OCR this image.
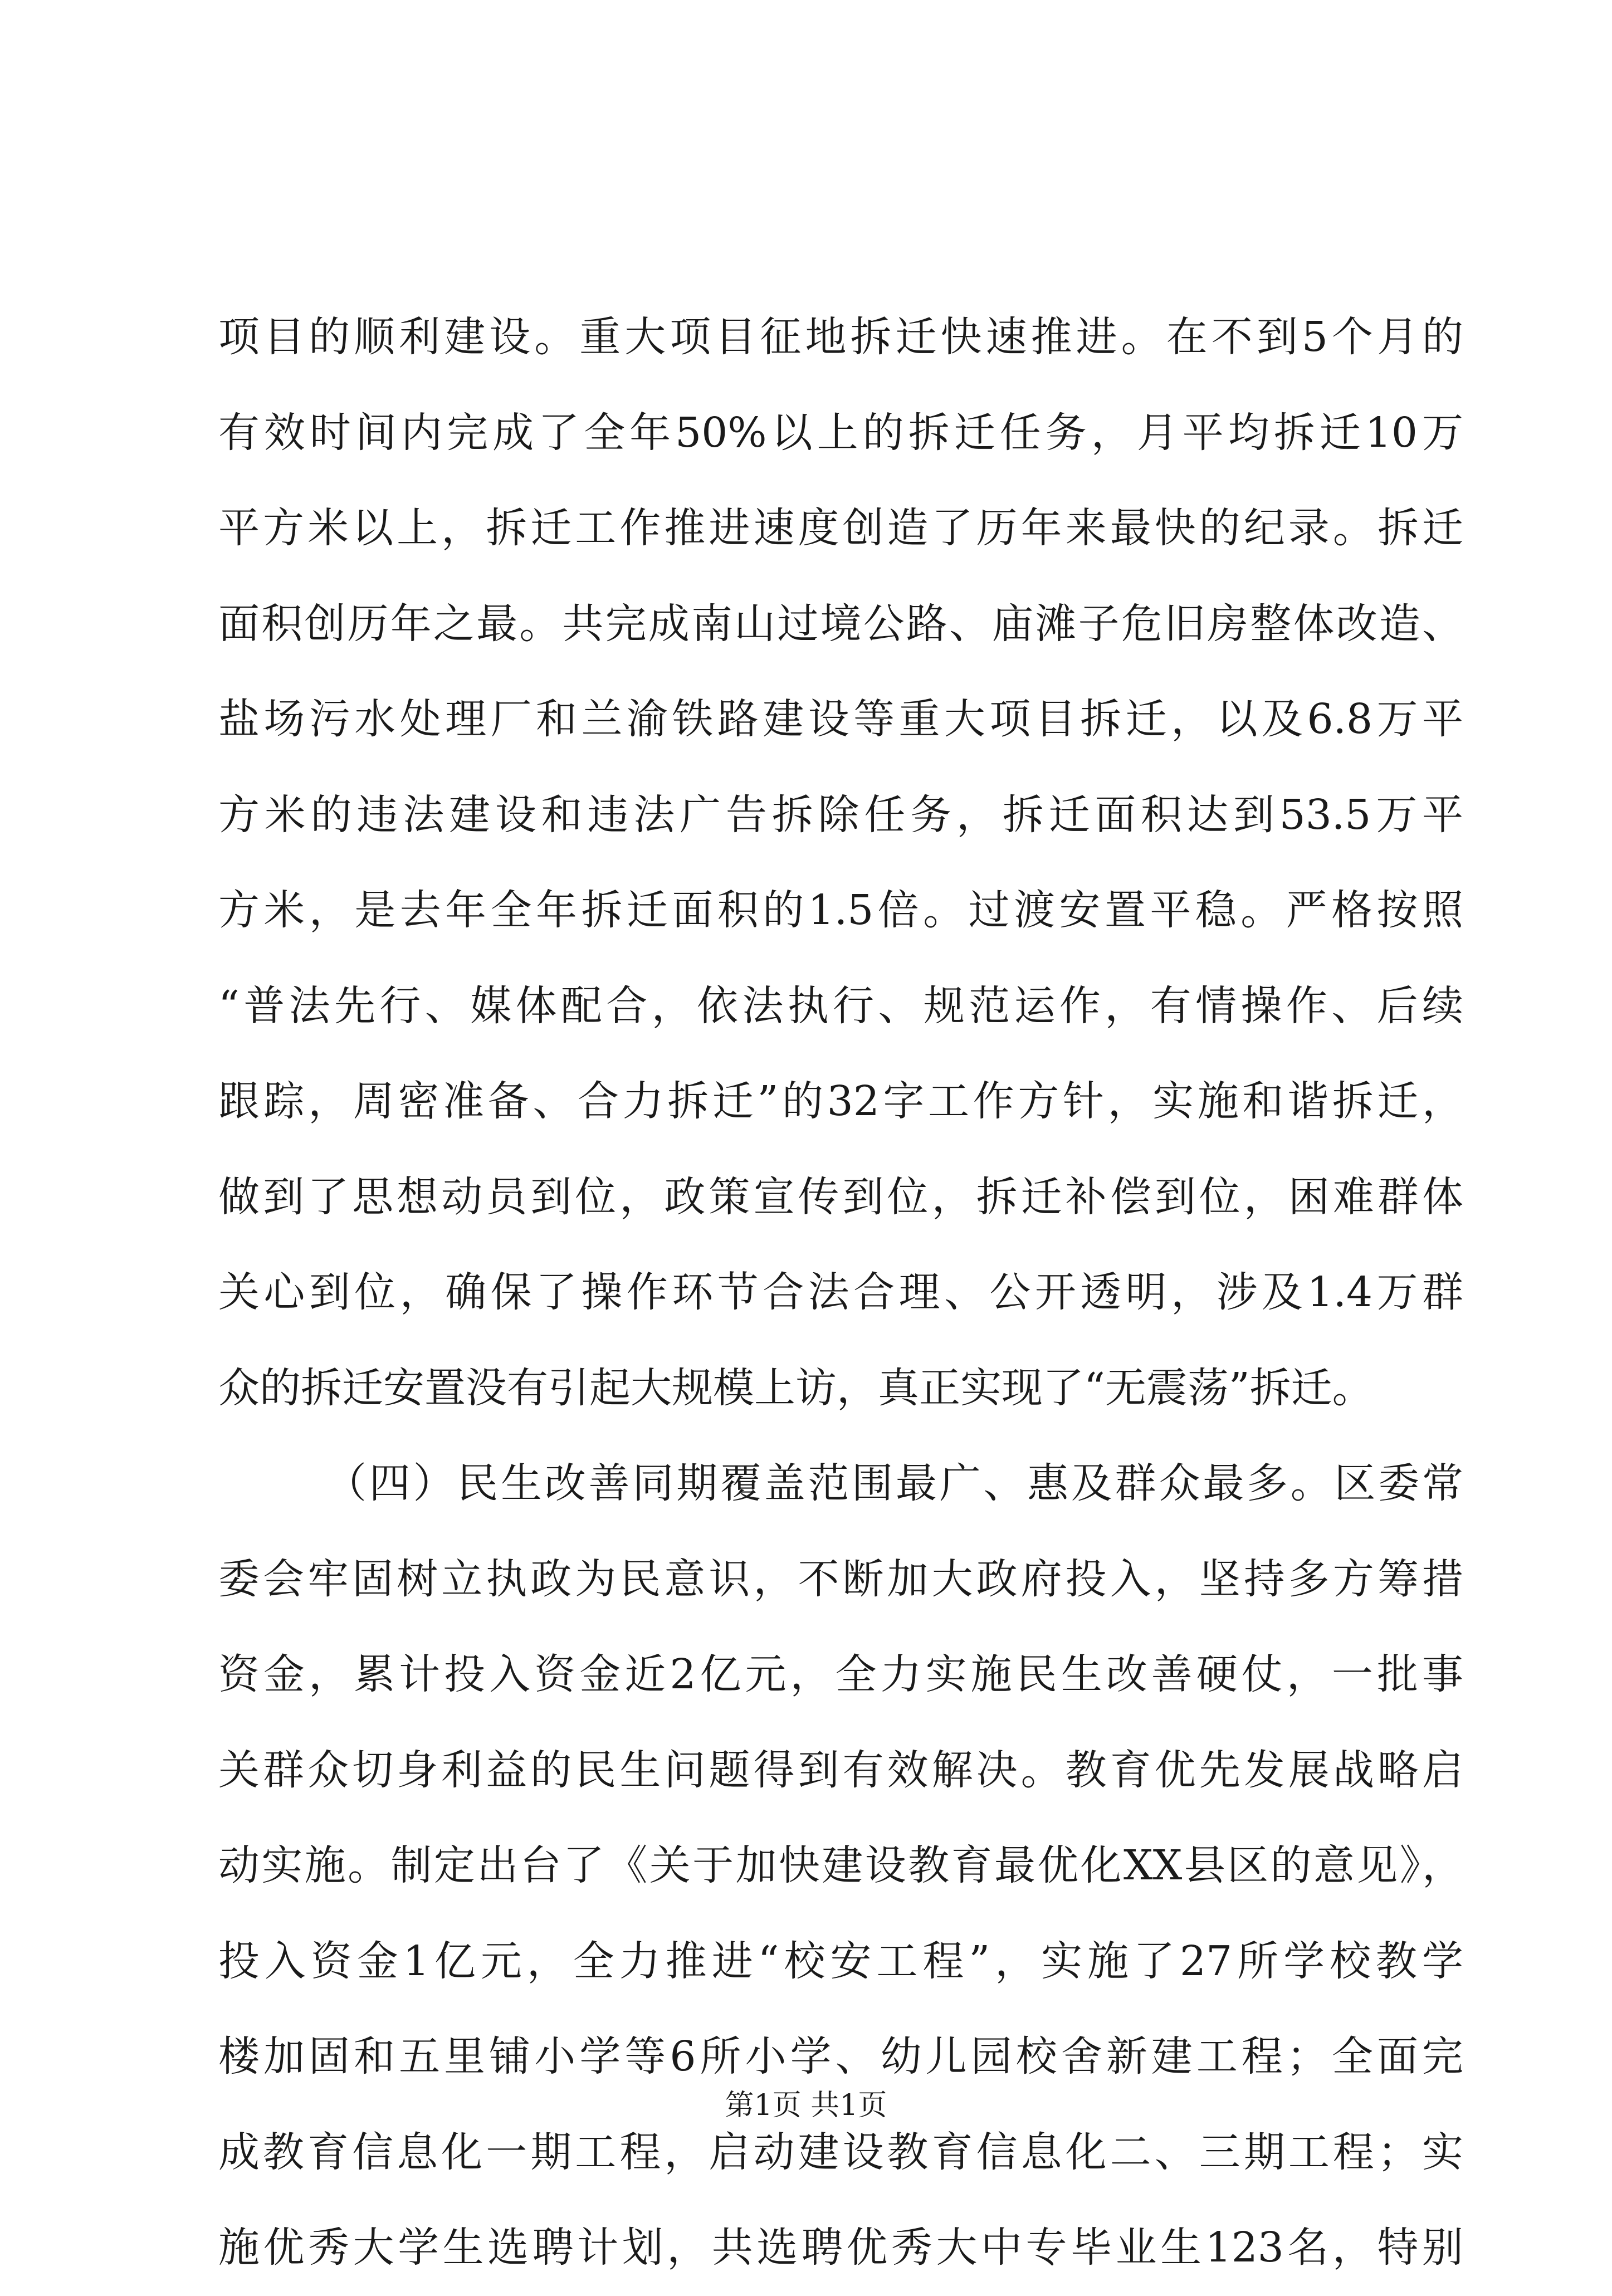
项目的顺利建设。重大项目征地拆迁快速推进。在不到5个月的
有效时间内完成了全年50%以上的拆迁任务，月平均拆迁10万
平方米以上，拆迁工作推进速度创造了历年来最快的纪录。拆迁
面积创历年之最。共完成南山过境公路、庙滩子危旧房整体改造、
盐场污水处理厂和兰渝铁路建设等重大项目拆迁，以及6.8万平
方米的违法建设和违法广告拆除任务，拆迁面积达到53.5万平
方米，是去年全年拆迁面积的1.5倍。过渡安置平稳。严格按照
“普法先行、媒体配合，依法执行、规范运作，有情操作、后续
跟踪，周密准备、合力拆迁”的32字工作方针，实施和谐拆迁，
做到了思想动员到位，政策宣传到位，拆迁补偿到位，困难群体
关心到位，确保了操作环节合法合理、公开透明，涉及1.4万群
众的拆迁安置没有引起大规模上访，真正实现了“无震荡”拆迁。
（四）民生改善同期覆盖范围最广、惠及群众最多。区委常
委会牢固树立执政为民意识，不断加大政府投入，坚持多方筹措
资金，累计投入资金近2亿元，全力实施民生改善硬仗，一批事
关群众切身利益的民生问题得到有效解决。教育优先发展战略启
动实施。制定出台了《关于加快建设教育最优化XX县区的意见》，
投入资金1亿元，全力推进“校安工程”，实施了27所学校教学
楼加固和五里铺小学等6所小学、幼儿园校舍新建工程；全面完
成教育信息化一期工程，启动建设教育信息化二、三期工程；实
施优秀大学生选聘计划，共选聘优秀大中专毕业生123名，特别
第1页 共1页
